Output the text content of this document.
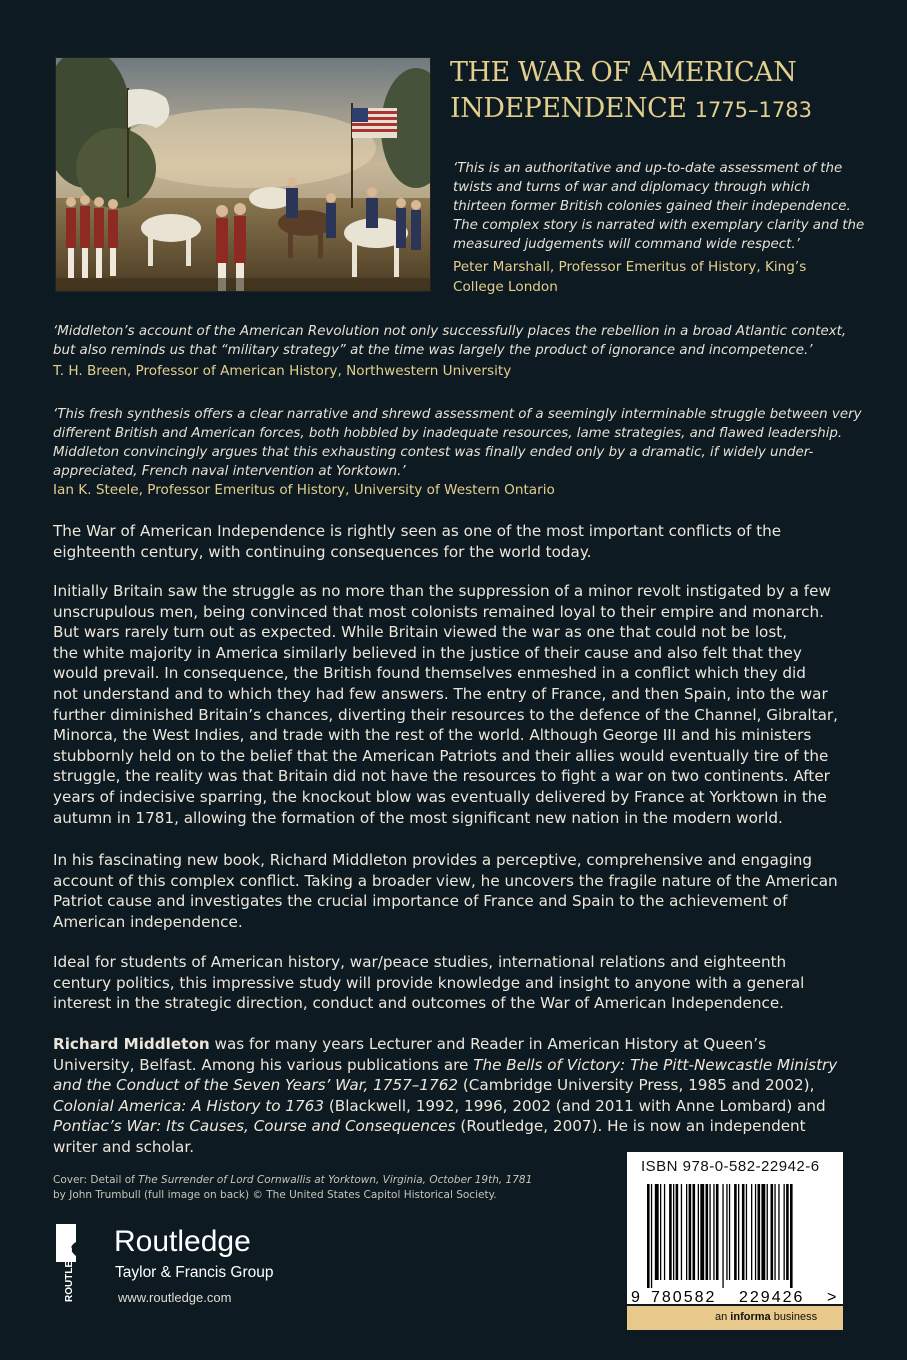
THE WAR OF AMERICAN
INDEPENDENCE 1775–1783
‘This is an authoritative and up-to-date assessment of the
twists and turns of war and diplomacy through which
thirteen former British colonies gained their independence.
The complex story is narrated with exemplary clarity and the
measured judgements will command wide respect.’
Peter Marshall, Professor Emeritus of History, King’s
College London
‘Middleton’s account of the American Revolution not only successfully places the rebellion in a broad Atlantic context,
but also reminds us that “military strategy” at the time was largely the product of ignorance and incompetence.’
T. H. Breen, Professor of American History, Northwestern University
‘This fresh synthesis offers a clear narrative and shrewd assessment of a seemingly interminable struggle between very
different British and American forces, both hobbled by inadequate resources, lame strategies, and flawed leadership.
Middleton convincingly argues that this exhausting contest was finally ended only by a dramatic, if widely under-
appreciated, French naval intervention at Yorktown.’
Ian K. Steele, Professor Emeritus of History, University of Western Ontario
The War of American Independence is rightly seen as one of the most important conflicts of the
eighteenth century, with continuing consequences for the world today.
Initially Britain saw the struggle as no more than the suppression of a minor revolt instigated by a few
unscrupulous men, being convinced that most colonists remained loyal to their empire and monarch.
But wars rarely turn out as expected. While Britain viewed the war as one that could not be lost,
the white majority in America similarly believed in the justice of their cause and also felt that they
would prevail. In consequence, the British found themselves enmeshed in a conflict which they did
not understand and to which they had few answers. The entry of France, and then Spain, into the war
further diminished Britain’s chances, diverting their resources to the defence of the Channel, Gibraltar,
Minorca, the West Indies, and trade with the rest of the world. Although George III and his ministers
stubbornly held on to the belief that the American Patriots and their allies would eventually tire of the
struggle, the reality was that Britain did not have the resources to fight a war on two continents. After
years of indecisive sparring, the knockout blow was eventually delivered by France at Yorktown in the
autumn in 1781, allowing the formation of the most significant new nation in the modern world.
In his fascinating new book, Richard Middleton provides a perceptive, comprehensive and engaging
account of this complex conflict. Taking a broader view, he uncovers the fragile nature of the American
Patriot cause and investigates the crucial importance of France and Spain to the achievement of
American independence.
Ideal for students of American history, war/peace studies, international relations and eighteenth
century politics, this impressive study will provide knowledge and insight to anyone with a general
interest in the strategic direction, conduct and outcomes of the War of American Independence.
Richard Middleton was for many years Lecturer and Reader in American History at Queen’s University, Belfast. Among his various publications are The Bells of Victory: The Pitt-Newcastle Ministry and the Conduct of the Seven Years’ War, 1757–1762 (Cambridge University Press, 1985 and 2002), Colonial America: A History to 1763 (Blackwell, 1992, 1996, 2002 (and 2011 with Anne Lombard) and Pontiac’s War: Its Causes, Course and Consequences (Routledge, 2007). He is now an independent writer and scholar.
Cover: Detail of The Surrender of Lord Cornwallis at Yorktown, Virginia, October 19th, 1781
by John Trumbull (full image on back) © The United States Capitol Historical Society.
ROUTLEDGE Routledge
Taylor & Francis Group
www.routledge.com
ISBN 978-0-582-22942-6
9 780582 229426 >
an informa business
